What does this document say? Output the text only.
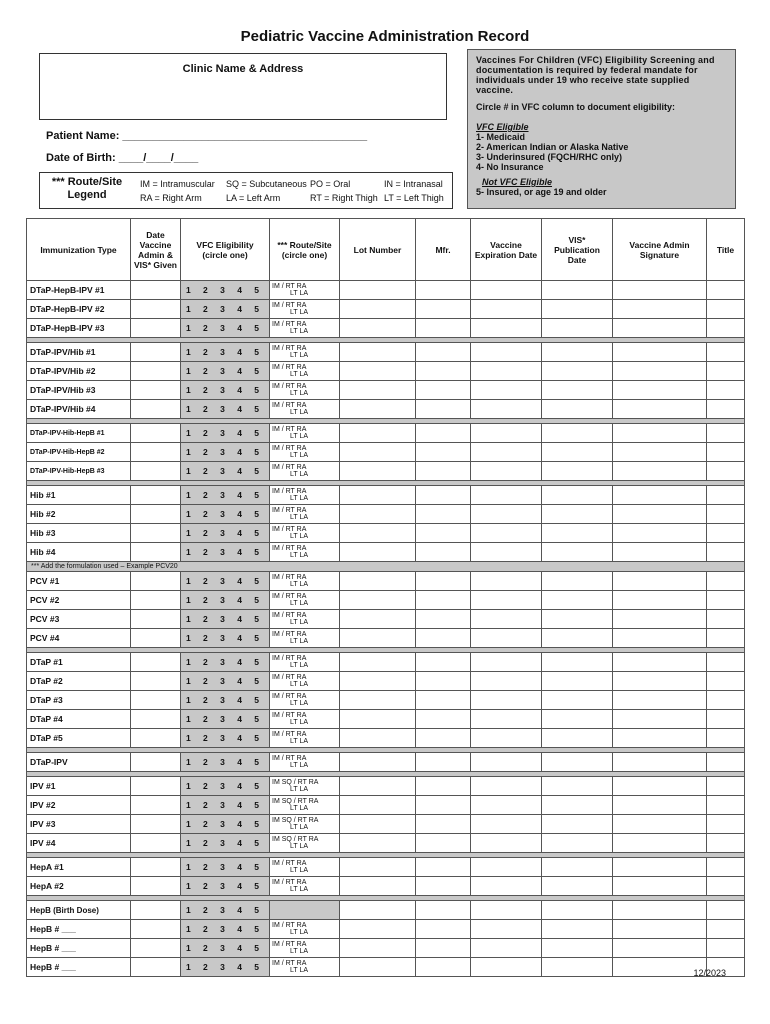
Pediatric Vaccine Administration Record
Clinic Name & Address
Vaccines For Children (VFC) Eligibility Screening and documentation is required by federal mandate for individuals under 19 who receive state supplied vaccine.
Circle # in VFC column to document eligibility:
VFC Eligible
1- Medicaid
2- American Indian or Alaska Native
3- Underinsured (FQCH/RHC only)
4- No Insurance
Not VFC Eligible
5- Insured, or age 19 and older
Patient Name: ________________________________________
Date of Birth: ____/____/____
*** Route/Site Legend
IM = Intramuscular SQ = Subcutaneous PO = Oral	IN = Intranasal
RA = Right Arm	LA = Left Arm	RT = Right Thigh LT = Left Thigh
Immunization Type	Date Vaccine Admin & VIS* Given	VFC Eligibility (circle one)	*** Route/Site (circle one)	Lot Number	Mfr.	Vaccine Expiration Date	VIS* Publication Date	Vaccine Admin Signature	Title
DTaP-HepB-IPV #1		1 2 3 4 5	IM / RT RA
LT LA						

DTaP-HepB-IPV #2		1 2 3 4 5	IM / RT RA
LT LA						

DTaP-HepB-IPV #3		1 2 3 4 5	IM / RT RA
LT LA						

DTaP-IPV/Hib #1		1 2 3 4 5	IM / RT RA
LT LA						

DTaP-IPV/Hib #2		1 2 3 4 5	IM / RT RA
LT LA						

DTaP-IPV/Hib #3		1 2 3 4 5	IM / RT RA
LT LA						

DTaP-IPV/Hib #4		1 2 3 4 5	IM / RT RA
LT LA						

DTaP-IPV-Hib-HepB #1		1 2 3 4 5	IM / RT RA
LT LA						

DTaP-IPV-Hib-HepB #2		1 2 3 4 5	IM / RT RA
LT LA						

DTaP-IPV-Hib-HepB #3		1 2 3 4 5	IM / RT RA
LT LA						

Hib #1		1 2 3 4 5	IM / RT RA
LT LA						

Hib #2		1 2 3 4 5	IM / RT RA
LT LA						

Hib #3		1 2 3 4 5	IM / RT RA
LT LA						

Hib #4		1 2 3 4 5	IM / RT RA
LT LA						

*** Add the formulation used – Example PCV20									
PCV #1		1 2 3 4 5	IM / RT RA
LT LA						

PCV #2		1 2 3 4 5	IM / RT RA
LT LA						

PCV #3		1 2 3 4 5	IM / RT RA
LT LA						

PCV #4		1 2 3 4 5	IM / RT RA
LT LA						

DTaP #1		1 2 3 4 5	IM / RT RA
LT LA						

DTaP #2		1 2 3 4 5	IM / RT RA
LT LA						

DTaP #3		1 2 3 4 5	IM / RT RA
LT LA						

DTaP #4		1 2 3 4 5	IM / RT RA
LT LA						

DTaP #5		1 2 3 4 5	IM / RT RA
LT LA						

DTaP-IPV		1 2 3 4 5	IM / RT RA
LT LA						

IPV #1		1 2 3 4 5	IM SQ / RT RA
LT LA						

IPV #2		1 2 3 4 5	IM SQ / RT RA
LT LA						

IPV #3		1 2 3 4 5	IM SQ / RT RA
LT LA						

IPV #4		1 2 3 4 5	IM SQ / RT RA
LT LA						

HepA #1		1 2 3 4 5	IM / RT RA
LT LA						

HepA #2		1 2 3 4 5	IM / RT RA
LT LA						

HepB (Birth Dose)		1 2 3 4 5							
HepB # ___		1 2 3 4 5	IM / RT RA
LT LA						

HepB # ___		1 2 3 4 5	IM / RT RA
LT LA						

HepB # ___		1 2 3 4 5	IM / RT RA
LT LA						
							12/2023
